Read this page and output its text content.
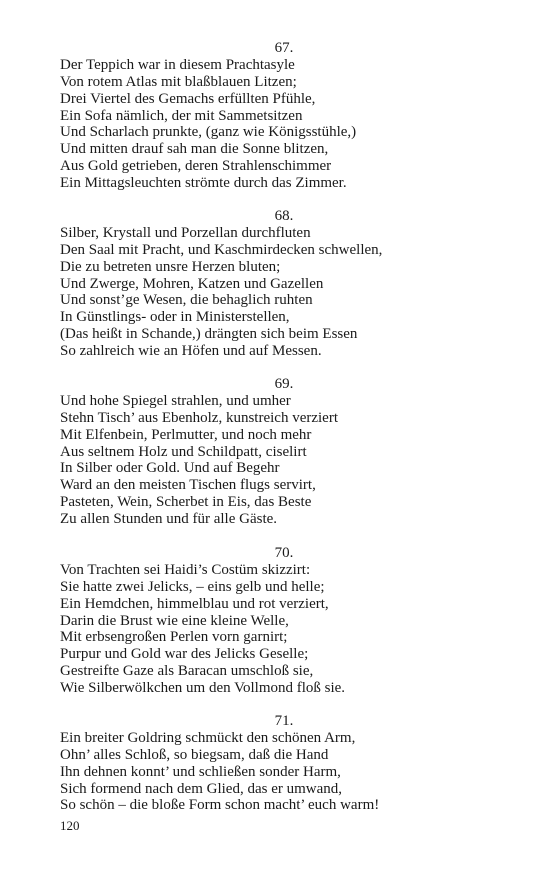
67.
Der Teppich war in diesem Prachtasyle
Von rotem Atlas mit blaßblauen Litzen;
Drei Viertel des Gemachs erfüllten Pfühle,
Ein Sofa nämlich, der mit Sammetsitzen
Und Scharlach prunkte, (ganz wie Königsstühle,)
Und mitten drauf sah man die Sonne blitzen,
Aus Gold getrieben, deren Strahlenschimmer
Ein Mittagsleuchten strömte durch das Zimmer.
68.
Silber, Krystall und Porzellan durchfluten
Den Saal mit Pracht, und Kaschmirdecken schwellen,
Die zu betreten unsre Herzen bluten;
Und Zwerge, Mohren, Katzen und Gazellen
Und sonst’ge Wesen, die behaglich ruhten
In Günstlings- oder in Ministerstellen,
(Das heißt in Schande,) drängten sich beim Essen
So zahlreich wie an Höfen und auf Messen.
69.
Und hohe Spiegel strahlen, und umher
Stehn Tisch’ aus Ebenholz, kunstreich verziert
Mit Elfenbein, Perlmutter, und noch mehr
Aus seltnem Holz und Schildpatt, ciselirt
In Silber oder Gold. Und auf Begehr
Ward an den meisten Tischen flugs servirt,
Pasteten, Wein, Scherbet in Eis, das Beste
Zu allen Stunden und für alle Gäste.
70.
Von Trachten sei Haidi’s Costüm skizzirt:
Sie hatte zwei Jelicks, – eins gelb und helle;
Ein Hemdchen, himmelblau und rot verziert,
Darin die Brust wie eine kleine Welle,
Mit erbsengroßen Perlen vorn garnirt;
Purpur und Gold war des Jelicks Geselle;
Gestreifte Gaze als Baracan umschloß sie,
Wie Silberwölkchen um den Vollmond floß sie.
71.
Ein breiter Goldring schmückt den schönen Arm,
Ohn’ alles Schloß, so biegsam, daß die Hand
Ihn dehnen konnt’ und schließen sonder Harm,
Sich formend nach dem Glied, das er umwand,
So schön – die bloße Form schon macht’ euch warm!
120
